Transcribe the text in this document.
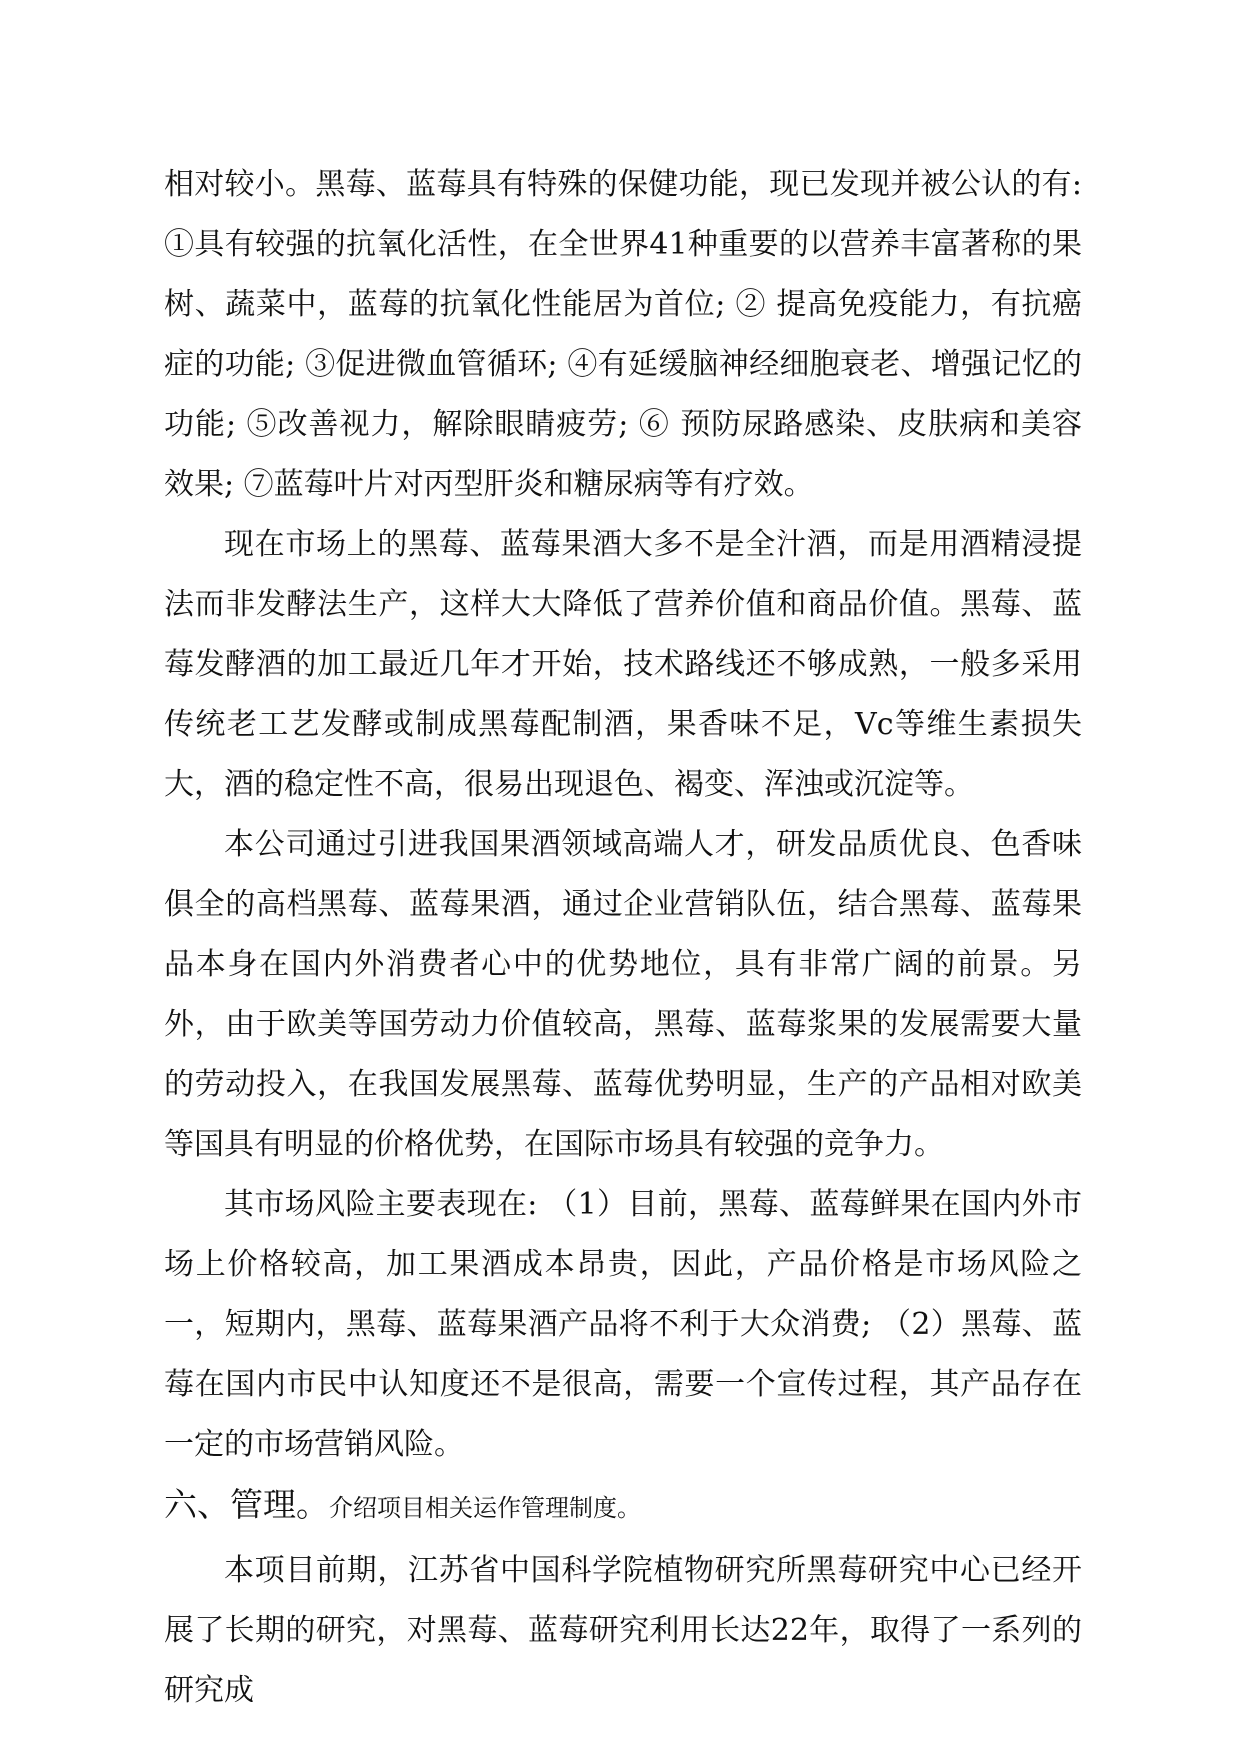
相对较小。黑莓、蓝莓具有特殊的保健功能，现已发现并被公认的有: ①具有较强的抗氧化活性，在全世界41种重要的以营养丰富著称的果树、蔬菜中，蓝莓的抗氧化性能居为首位; ② 提高免疫能力，有抗癌症的功能; ③促进微血管循环; ④有延缓脑神经细胞衰老、增强记忆的功能; ⑤改善视力，解除眼睛疲劳; ⑥ 预防尿路感染、皮肤病和美容效果; ⑦蓝莓叶片对丙型肝炎和糖尿病等有疗效。

现在市场上的黑莓、蓝莓果酒大多不是全汁酒，而是用酒精浸提法而非发酵法生产，这样大大降低了营养价值和商品价值。黑莓、蓝莓发酵酒的加工最近几年才开始，技术路线还不够成熟，一般多采用传统老工艺发酵或制成黑莓配制酒，果香味不足，Vc等维生素损失大，酒的稳定性不高，很易出现退色、褐变、浑浊或沉淀等。

本公司通过引进我国果酒领域高端人才，研发品质优良、色香味俱全的高档黑莓、蓝莓果酒，通过企业营销队伍，结合黑莓、蓝莓果品本身在国内外消费者心中的优势地位，具有非常广阔的前景。另外，由于欧美等国劳动力价值较高，黑莓、蓝莓浆果的发展需要大量的劳动投入，在我国发展黑莓、蓝莓优势明显，生产的产品相对欧美等国具有明显的价格优势，在国际市场具有较强的竞争力。

其市场风险主要表现在: （1）目前，黑莓、蓝莓鲜果在国内外市场上价格较高，加工果酒成本昂贵，因此，产品价格是市场风险之一，短期内，黑莓、蓝莓果酒产品将不利于大众消费; （2）黑莓、蓝莓在国内市民中认知度还不是很高，需要一个宣传过程，其产品存在一定的市场营销风险。

六、管理。介绍项目相关运作管理制度。

本项目前期，江苏省中国科学院植物研究所黑莓研究中心已经开展了长期的研究，对黑莓、蓝莓研究利用长达22年，取得了一系列的研究成
